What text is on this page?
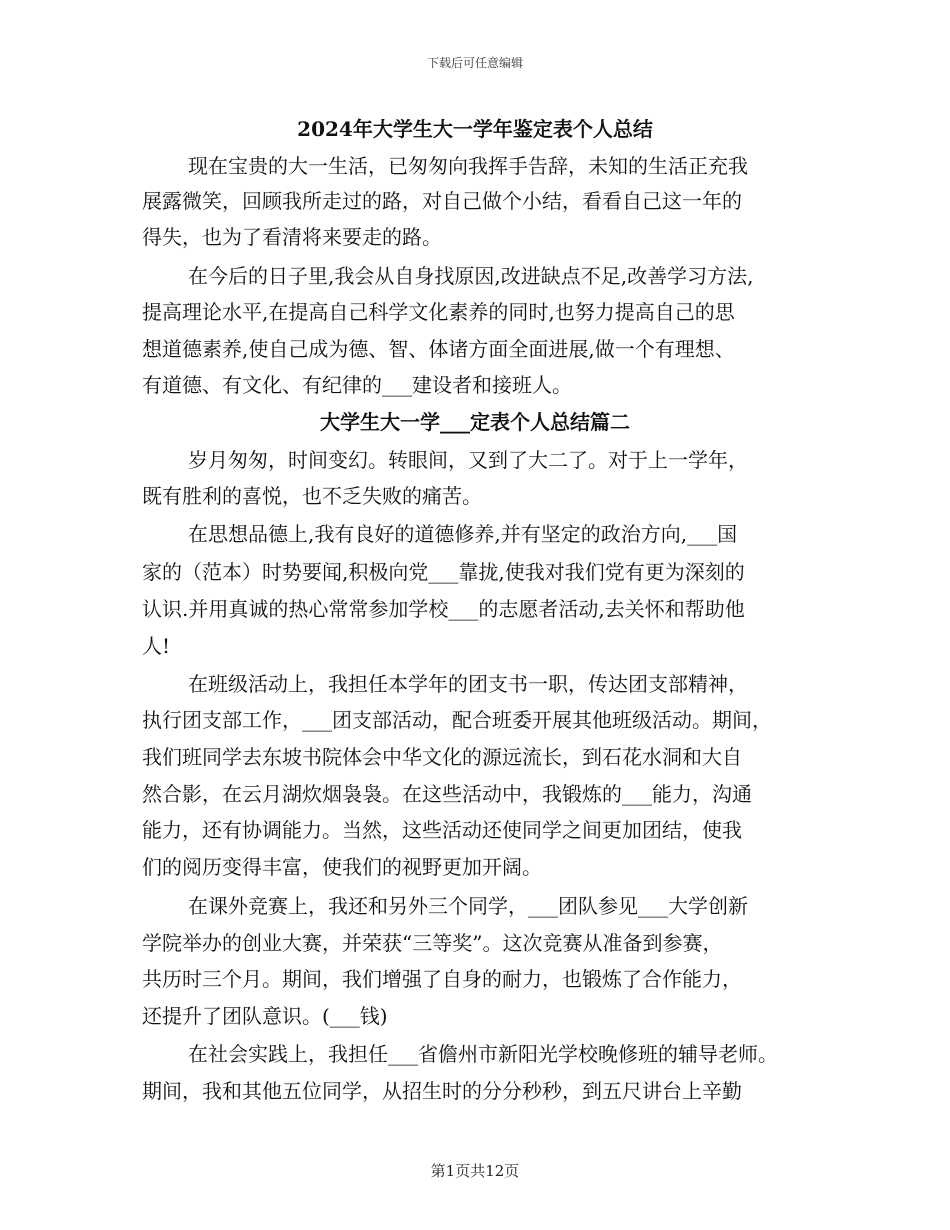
下载后可任意编辑
2024年大学生大一学年鉴定表个人总结
现在宝贵的大一生活，已匆匆向我挥手告辞，未知的生活正充我
展露微笑，回顾我所走过的路，对自己做个小结，看看自己这一年的
得失，也为了看清将来要走的路。
在今后的日子里,我会从自身找原因,改进缺点不足,改善学习方法,
提高理论水平,在提高自己科学文化素养的同时,也努力提高自己的思
想道德素养,使自己成为德、智、体诸方面全面进展,做一个有理想、
有道德、有文化、有纪律的___建设者和接班人。
大学生大一学___定表个人总结篇二
岁月匆匆，时间变幻。转眼间，又到了大二了。对于上一学年，
既有胜利的喜悦，也不乏失败的痛苦。
在思想品德上,我有良好的道德修养,并有坚定的政治方向,___国
家的（范本）时势要闻,积极向党___靠拢,使我对我们党有更为深刻的
认识.并用真诚的热心常常参加学校___的志愿者活动,去关怀和帮助他
人!
在班级活动上，我担任本学年的团支书一职，传达团支部精神，
执行团支部工作，___团支部活动，配合班委开展其他班级活动。期间，
我们班同学去东坡书院体会中华文化的源远流长，到石花水洞和大自
然合影，在云月湖炊烟袅袅。在这些活动中，我锻炼的___能力，沟通
能力，还有协调能力。当然，这些活动还使同学之间更加团结，使我
们的阅历变得丰富，使我们的视野更加开阔。
在课外竞赛上，我还和另外三个同学，___团队参见___大学创新
学院举办的创业大赛，并荣获“三等奖”。这次竞赛从准备到参赛，
共历时三个月。期间，我们增强了自身的耐力，也锻炼了合作能力，
还提升了团队意识。(___钱)
在社会实践上，我担任___省儋州市新阳光学校晚修班的辅导老师。
期间，我和其他五位同学，从招生时的分分秒秒，到五尺讲台上辛勤
第1页共12页
